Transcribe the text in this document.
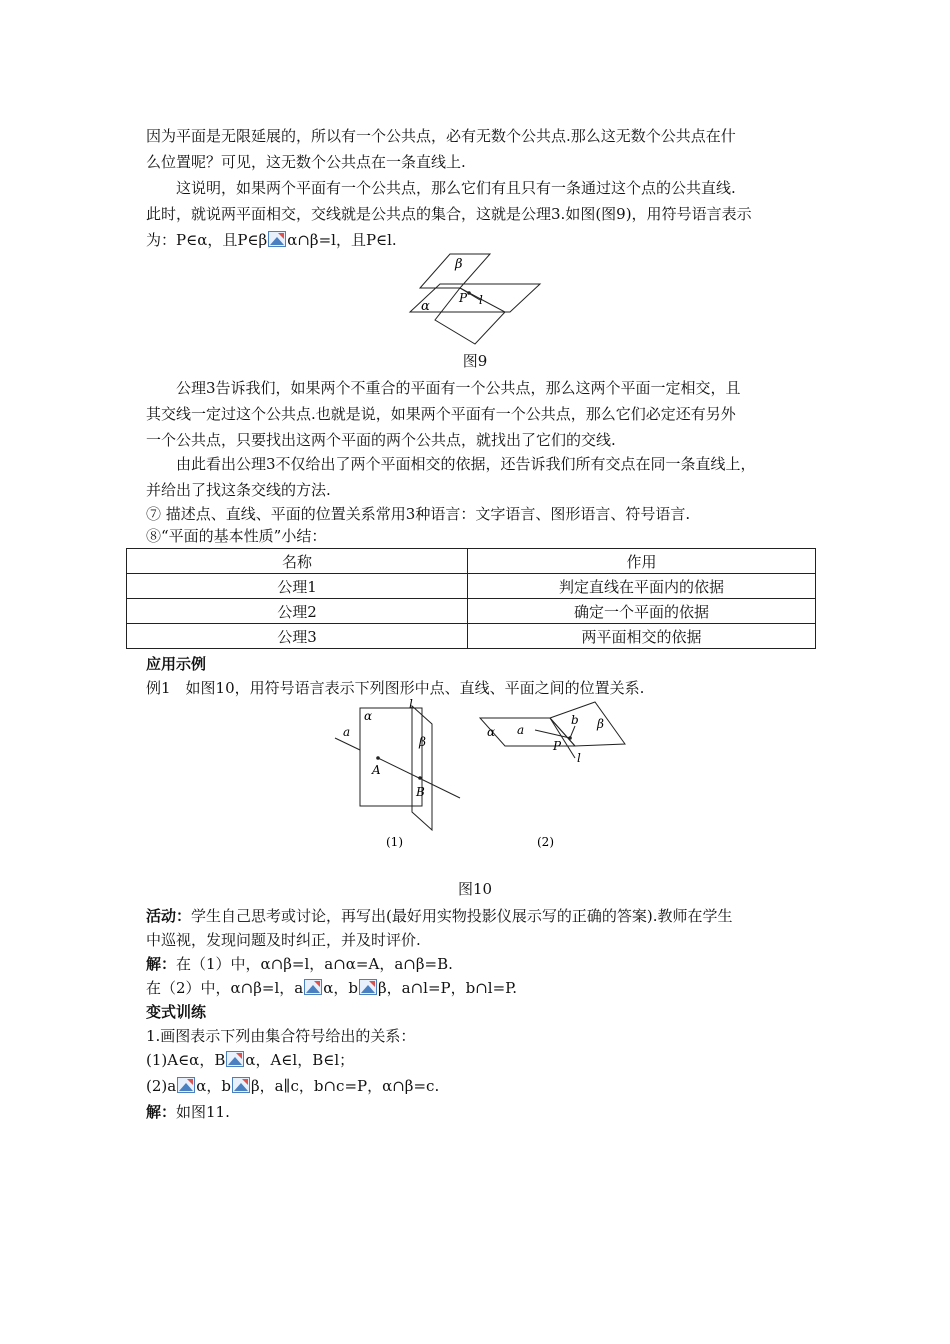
因为平面是无限延展的，所以有一个公共点，必有无数个公共点.那么这无数个公共点在什
么位置呢？可见，这无数个公共点在一条直线上.
这说明，如果两个平面有一个公共点，那么它们有且只有一条通过这个点的公共直线.
此时，就说两平面相交，交线就是公共点的集合，这就是公理3.如图(图9)，用符号语言表示
为：P∈α，且P∈β α∩β=l，且P∈l.
β
α
P l
图9
公理3告诉我们，如果两个不重合的平面有一个公共点，那么这两个平面一定相交，且
其交线一定过这个公共点.也就是说，如果两个平面有一个公共点，那么它们必定还有另外
一个公共点，只要找出这两个平面的两个公共点，就找出了它们的交线.
由此看出公理3不仅给出了两个平面相交的依据，还告诉我们所有交点在同一条直线上，
并给出了找这条交线的方法.
⑦ 描述点、直线、平面的位置关系常用3种语言：文字语言、图形语言、符号语言.
⑧“平面的基本性质”小结：
名称	作用
公理1	判定直线在平面内的依据
公理2	确定一个平面的依据
公理3	两平面相交的依据
应用示例
例1　如图10，用符号语言表示下列图形中点、直线、平面之间的位置关系.
α
β
a
l
A
B
(1)
α
β
a
b
P
l
(2)
图10
活动：学生自己思考或讨论，再写出(最好用实物投影仪展示写的正确的答案).教师在学生
中巡视，发现问题及时纠正，并及时评价.
解：在（1）中，α∩β=l，a∩α=A，a∩β=B.
在（2）中，α∩β=l，a α，b β，a∩l=P，b∩l=P.
变式训练
1.画图表示下列由集合符号给出的关系：
(1)A∈α，B α，A∈l，B∈l；
(2)a α，b β，a∥c，b∩c=P，α∩β=c.
解：如图11.
